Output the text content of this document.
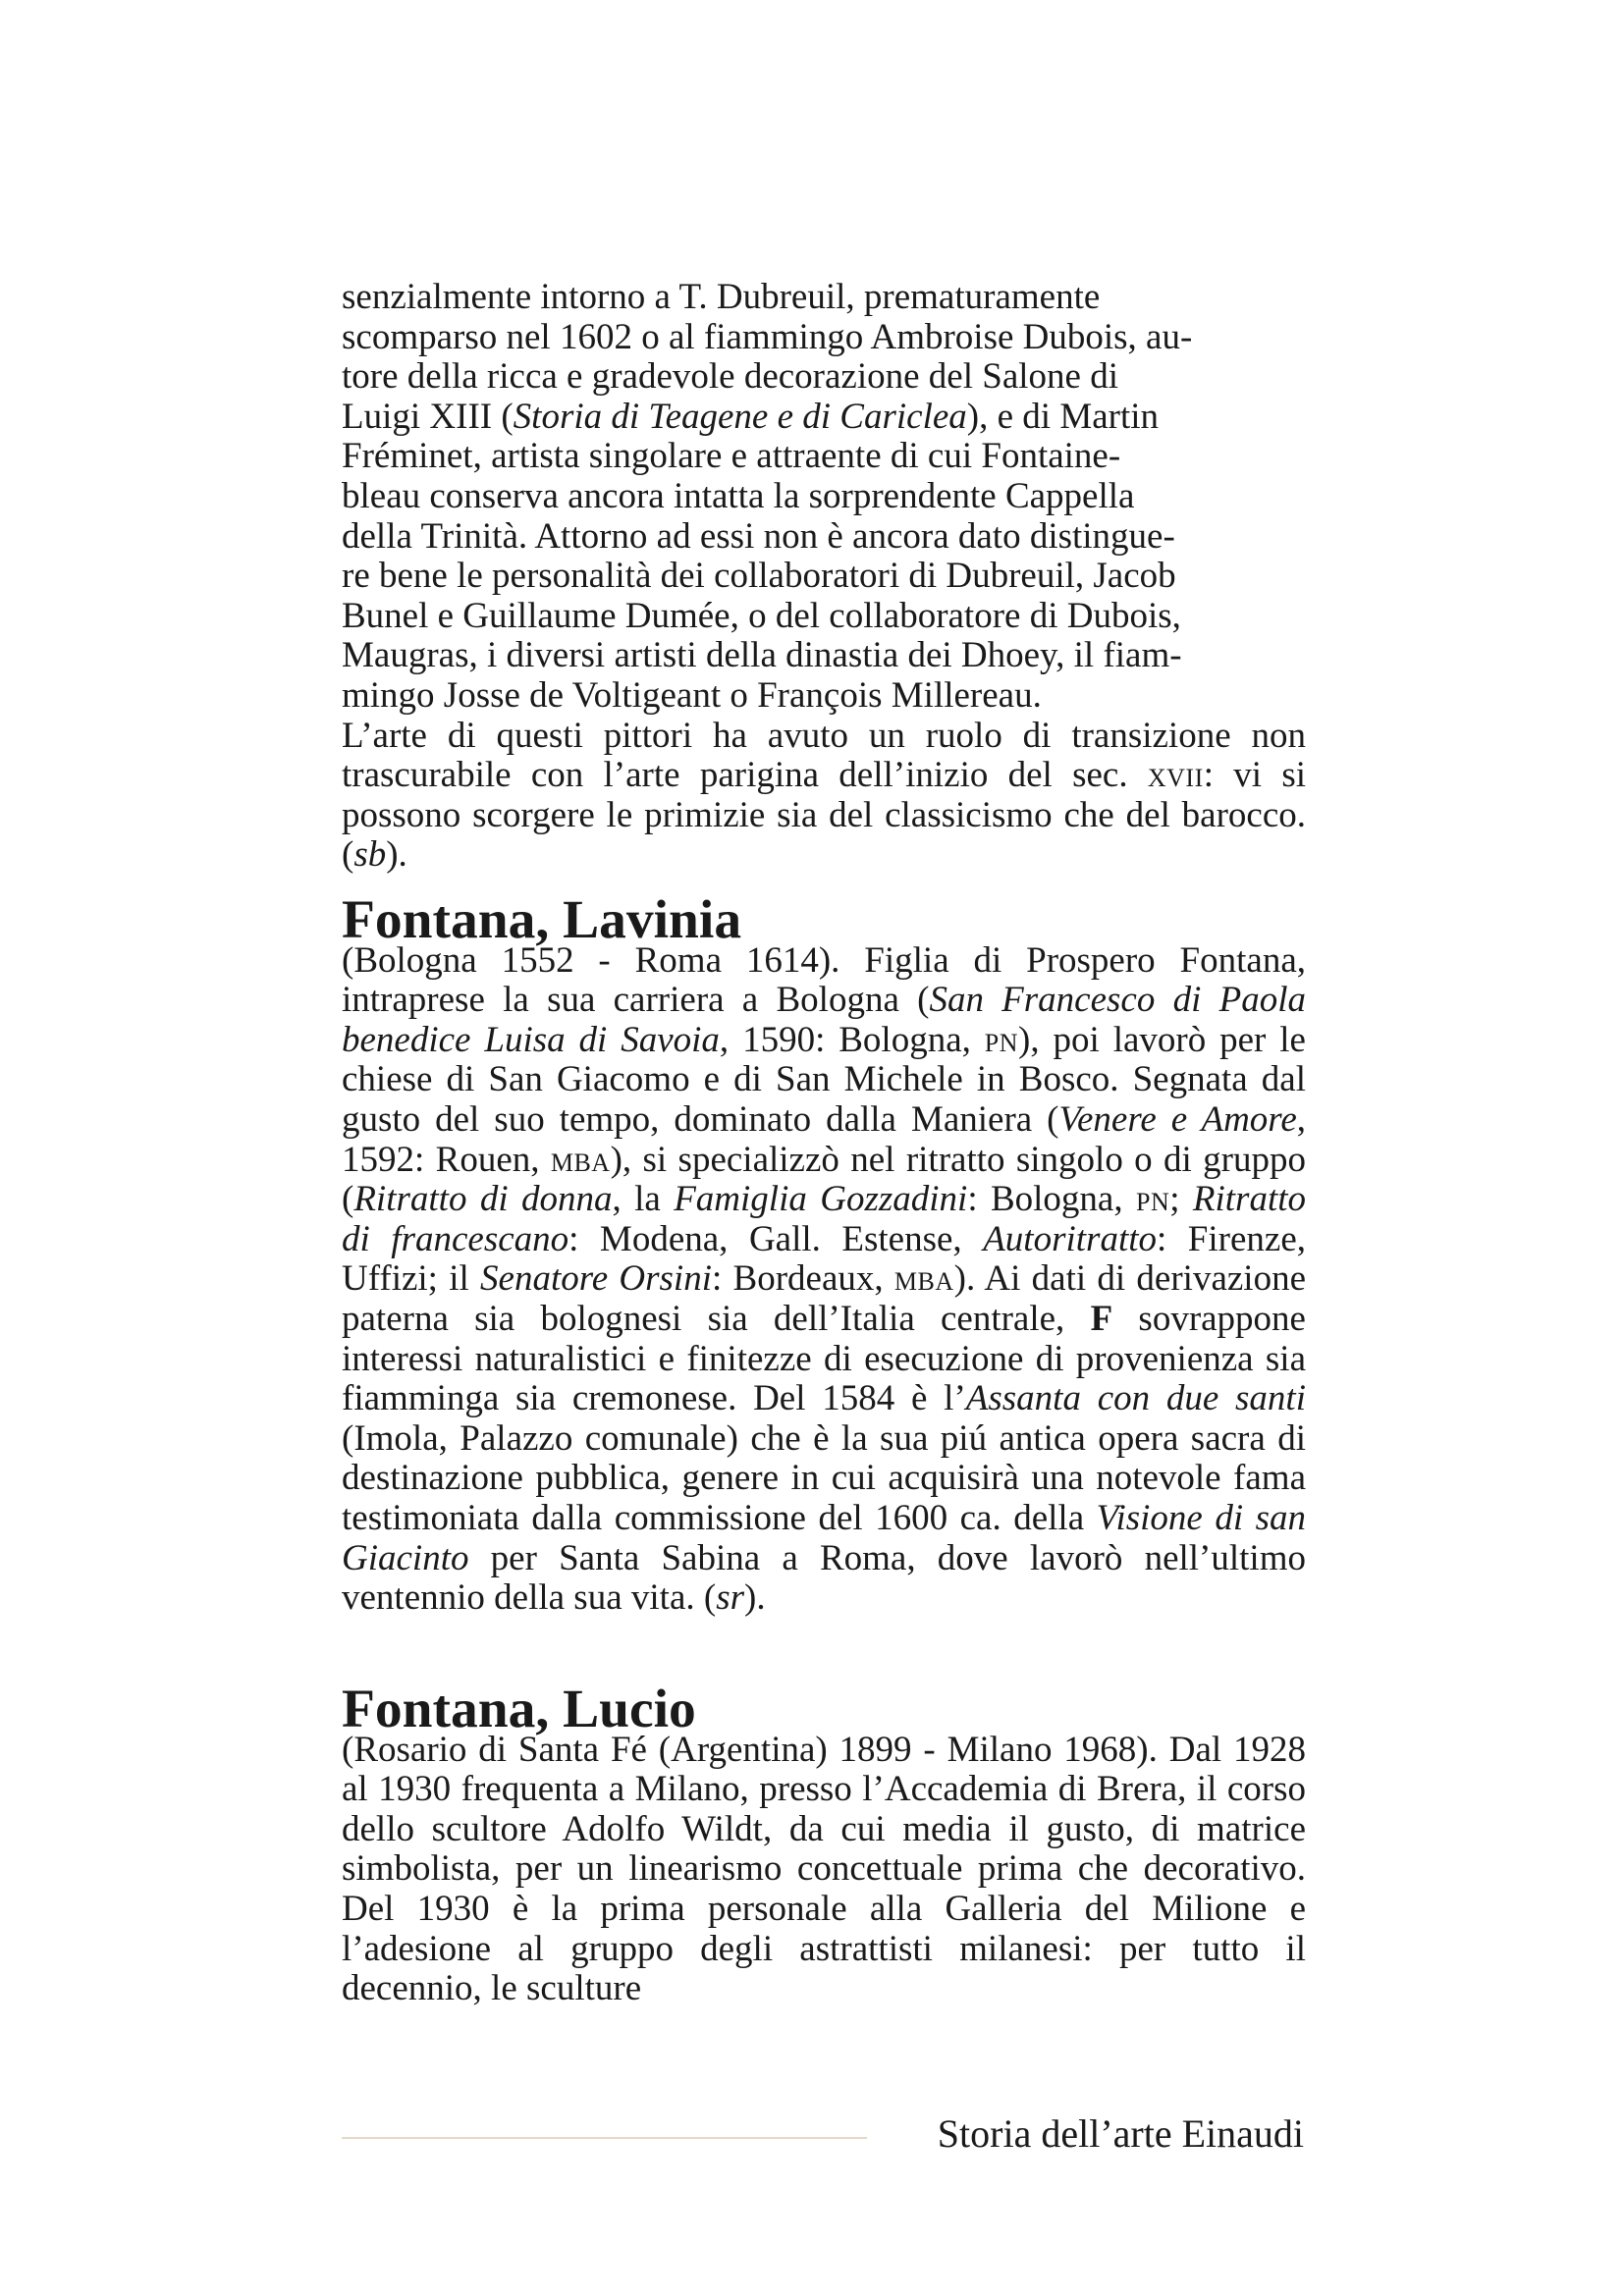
senzialmente intorno a T. Dubreuil, prematuramente
scomparso nel 1602 o al fiammingo Ambroise Dubois, au-
tore della ricca e gradevole decorazione del Salone di
Luigi XIII (Storia di Teagene e di Cariclea), e di Martin
Fréminet, artista singolare e attraente di cui Fontaine-
bleau conserva ancora intatta la sorprendente Cappella
della Trinità. Attorno ad essi non è ancora dato distingue-
re bene le personalità dei collaboratori di Dubreuil, Jacob
Bunel e Guillaume Dumée, o del collaboratore di Dubois,
Maugras, i diversi artisti della dinastia dei Dhoey, il fiam-
mingo Josse de Voltigeant o François Millereau.

L’arte di questi pittori ha avuto un ruolo di transizione non trascurabile con l’arte parigina dell’inizio del sec. xvii: vi si possono scorgere le primizie sia del classicismo che del barocco. (sb).

Fontana, Lavinia

(Bologna 1552 - Roma 1614). Figlia di Prospero Fontana, intraprese la sua carriera a Bologna (San Francesco di Paola benedice Luisa di Savoia, 1590: Bologna, pn), poi lavorò per le chiese di San Giacomo e di San Michele in Bosco. Segnata dal gusto del suo tempo, dominato dalla Maniera (Venere e Amore, 1592: Rouen, mba), si specializzò nel ritratto singolo o di gruppo (Ritratto di donna, la Famiglia Gozzadini: Bologna, pn; Ritratto di francescano: Modena, Gall. Estense, Autoritratto: Firenze, Uffizi; il Senatore Orsini: Bordeaux, mba). Ai dati di derivazione paterna sia bolognesi sia dell’Italia centrale, F sovrappone interessi naturalistici e finitezze di esecuzione di provenienza sia fiamminga sia cremonese. Del 1584 è l’Assanta con due santi (Imola, Palazzo comunale) che è la sua piú antica opera sacra di destinazione pubblica, genere in cui acquisirà una notevole fama testimoniata dalla commissione del 1600 ca. della Visione di san Giacinto per Santa Sabina a Roma, dove lavorò nell’ultimo ventennio della sua vita. (sr).

Fontana, Lucio

(Rosario di Santa Fé (Argentina) 1899 - Milano 1968). Dal 1928 al 1930 frequenta a Milano, presso l’Accademia di Brera, il corso dello scultore Adolfo Wildt, da cui media il gusto, di matrice simbolista, per un linearismo concettuale prima che decorativo. Del 1930 è la prima personale alla Galleria del Milione e l’adesione al gruppo degli astrattisti milanesi: per tutto il decennio, le sculture

Storia dell’arte Einaudi
